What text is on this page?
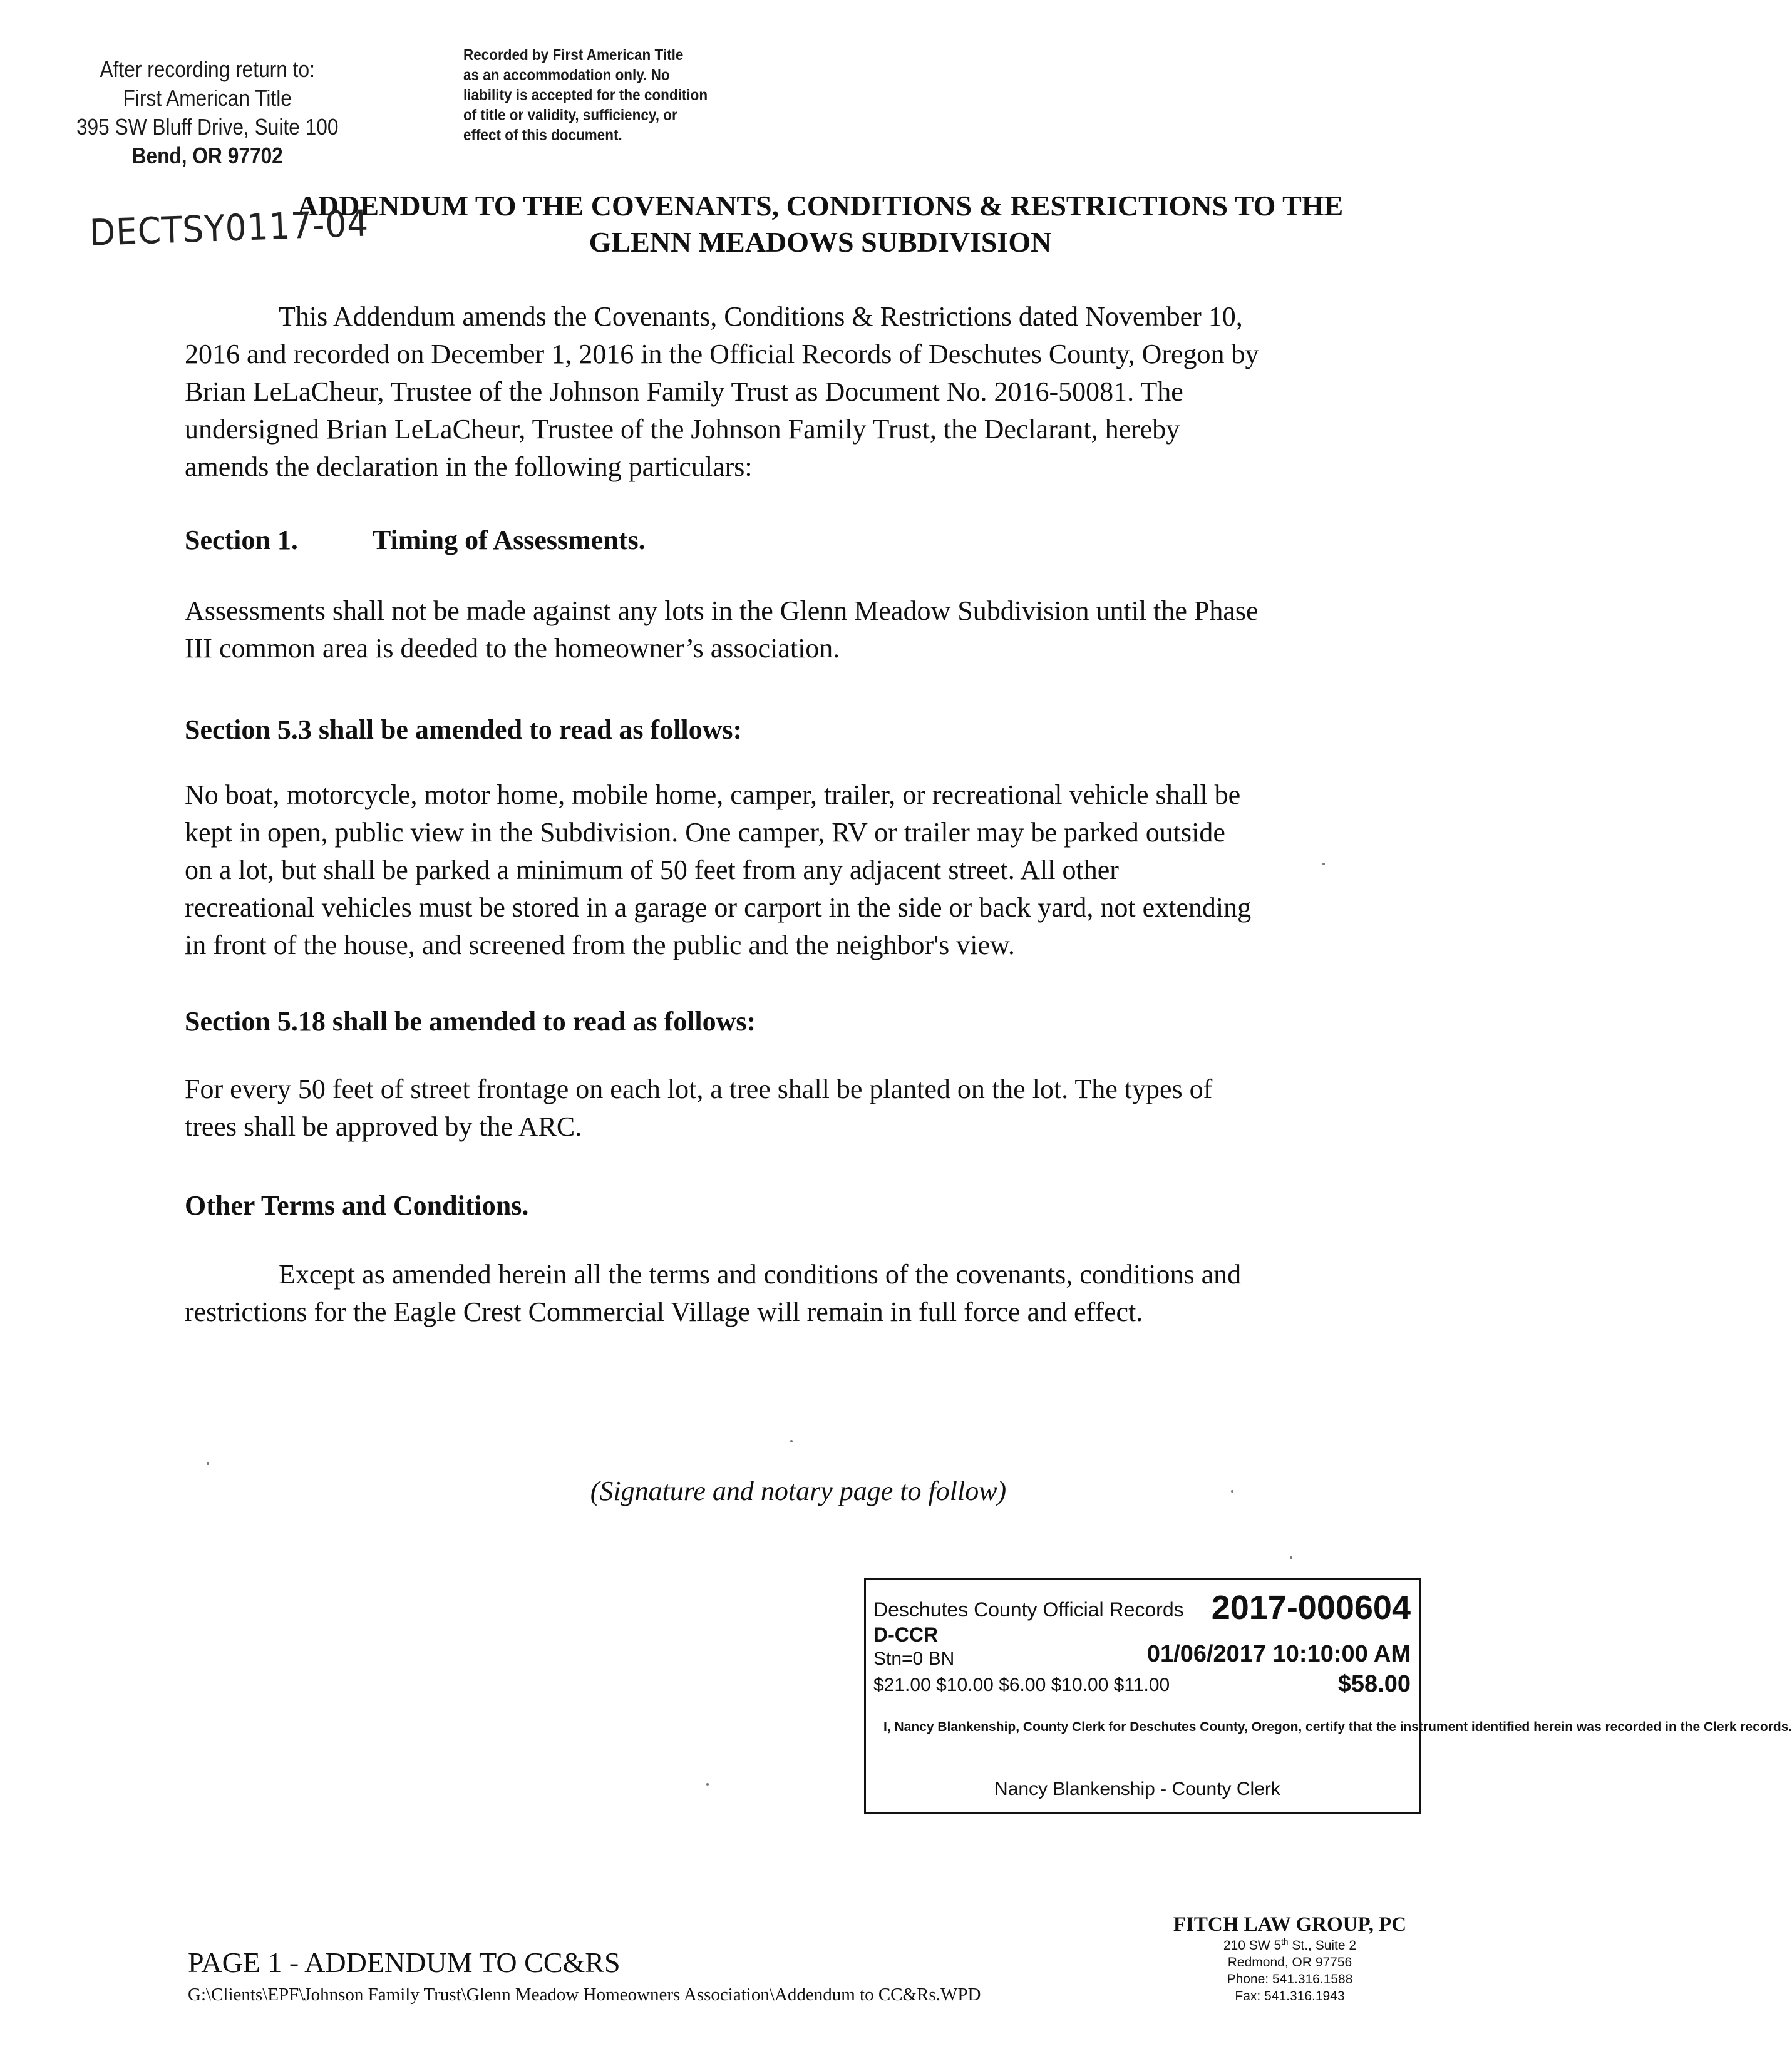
After recording return to:
First American Title
395 SW Bluff Drive, Suite 100
Bend, OR 97702
Recorded by First American Title
as an accommodation only. No
liability is accepted for the condition
of title or validity, sufficiency, or
effect of this document.
ADDENDUM TO THE COVENANTS, CONDITIONS & RESTRICTIONS TO THE
GLENN MEADOWS SUBDIVISION
DECTSY0117-04
This Addendum amends the Covenants, Conditions & Restrictions dated November 10,
2016 and recorded on December 1, 2016 in the Official Records of Deschutes County, Oregon by
Brian LeLaCheur, Trustee of the Johnson Family Trust as Document No. 2016-50081. The
undersigned Brian LeLaCheur, Trustee of the Johnson Family Trust, the Declarant, hereby
amends the declaration in the following particulars:
Section 1.	Timing of Assessments.
Assessments shall not be made against any lots in the Glenn Meadow Subdivision until the Phase
III common area is deeded to the homeowner’s association.
Section 5.3 shall be amended to read as follows:
No boat, motorcycle, motor home, mobile home, camper, trailer, or recreational vehicle shall be
kept in open, public view in the Subdivision. One camper, RV or trailer may be parked outside
on a lot, but shall be parked a minimum of 50 feet from any adjacent street. All other
recreational vehicles must be stored in a garage or carport in the side or back yard, not extending
in front of the house, and screened from the public and the neighbor's view.
Section 5.18 shall be amended to read as follows:
For every 50 feet of street frontage on each lot, a tree shall be planted on the lot. The types of
trees shall be approved by the ARC.
Other Terms and Conditions.
Except as amended herein all the terms and conditions of the covenants, conditions and
restrictions for the Eagle Crest Commercial Village will remain in full force and effect.
(Signature and notary page to follow)
Deschutes County Official Records 2017-000604
D-CCR
Stn=0 BN	01/06/2017 10:10:00 AM
$21.00 $10.00 $6.00 $10.00 $11.00	$58.00
I, Nancy Blankenship, County Clerk for Deschutes County, Oregon, certify that the instrument identified herein was recorded in the Clerk records.
Nancy Blankenship - County Clerk
PAGE 1 - ADDENDUM TO CC&RS
G:\Clients\EPF\Johnson Family Trust\Glenn Meadow Homeowners Association\Addendum to CC&Rs.WPD
FITCH LAW GROUP, PC
210 SW 5th St., Suite 2
Redmond, OR 97756
Phone: 541.316.1588
Fax: 541.316.1943
